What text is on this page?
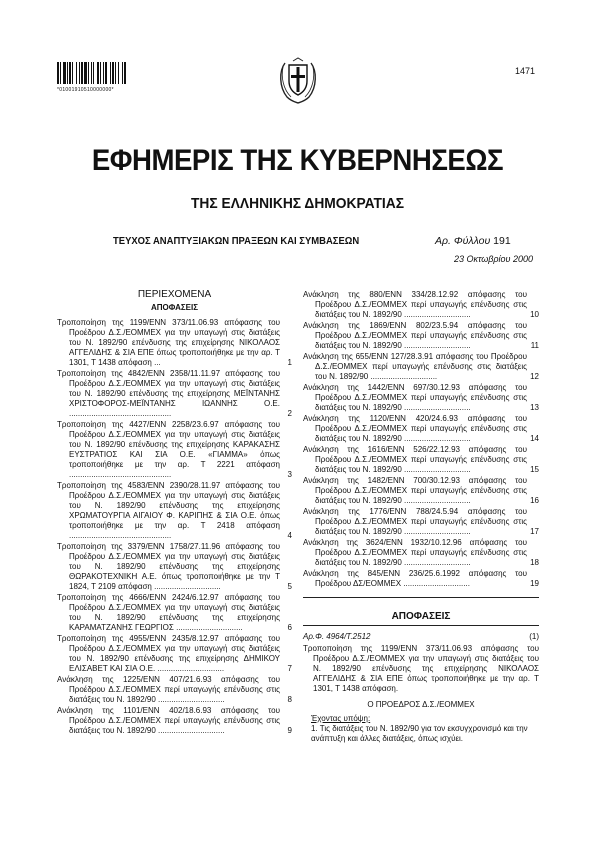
*01001910510000000*
1471
ΕΦΗΜΕΡΙΣ ΤΗΣ ΚΥΒΕΡΝΗΣΕΩΣ
ΤΗΣ ΕΛΛΗΝΙΚΗΣ ΔΗΜΟΚΡΑΤΙΑΣ
ΤΕΥΧΟΣ ΑΝΑΠΤΥΞΙΑΚΩΝ ΠΡΑΞΕΩΝ ΚΑΙ ΣΥΜΒΑΣΕΩΝ	Αρ. Φύλλου 191
23 Οκτωβρίου 2000
ΠΕΡΙΕΧΟΜΕΝΑ
ΑΠΟΦΑΣΕΙΣ
Τροποποίηση της 1199/ΕΝΝ 373/11.06.93 απόφασης του Προέδρου Δ.Σ./ΕΟΜΜΕΧ για την υπαγωγή στις διατάξεις του Ν. 1892/90 επένδυσης της επιχείρησης ΝΙΚΟΛΑΟΣ ΑΓΓΕΛΙΔΗΣ & ΣΙΑ ΕΠΕ όπως τροποποιήθηκε με την αρ. Τ 1301, Τ 1438 απόφαση ...	1
Τροποποίηση της 4842/ΕΝΝ 2358/11.11.97 απόφασης του Προέδρου Δ.Σ./ΕΟΜΜΕΧ για την υπαγωγή στις διατάξεις του Ν. 1892/90 επένδυσης της επιχείρησης ΜΕΪΝΤΑΝΗΣ ΧΡΙΣΤΟΦΟΡΟΣ-ΜΕΪΝΤΑΝΗΣ ΙΩΑΝΝΗΣ Ο.Ε. ..............................................	2
Τροποποίηση της 4427/ΕΝΝ 2258/23.6.97 απόφασης του Προέδρου Δ.Σ./ΕΟΜΜΕΧ για την υπαγωγή στις διατάξεις του Ν. 1892/90 επένδυσης της επιχείρησης ΚΑΡΑΚΑΣΗΣ ΕΥΣΤΡΑΤΙΟΣ ΚΑΙ ΣΙΑ Ο.Ε. «ΓΙΑΜΜΑ» όπως τροποποιήθηκε με την αρ. Τ 2221 απόφαση ..............................................	3
Τροποποίηση της 4583/ΕΝΝ 2390/28.11.97 απόφασης του Προέδρου Δ.Σ./ΕΟΜΜΕΧ για την υπαγωγή στις διατάξεις του Ν. 1892/90 επένδυσης της επιχείρησης ΧΡΩΜΑΤΟΥΡΓΙΑ ΑΙΓΑΙΟΥ Φ. ΚΑΡΙΠΗΣ & ΣΙΑ Ο.Ε. όπως τροποποιήθηκε με την αρ. Τ 2418 απόφαση ..............................................	4
Τροποποίηση της 3379/ΕΝΝ 1758/27.11.96 απόφασης του Προέδρου Δ.Σ./ΕΟΜΜΕΧ για την υπαγωγή στις διατάξεις του Ν. 1892/90 επένδυσης της επιχείρησης ΘΩΡΑΚΟΤΕΧΝΙΚΗ Α.Ε. όπως τροποποιήθηκε με την Τ 1824, Τ 2109 απόφαση ..............................	5
Τροποποίηση της 4666/ΕΝΝ 2424/6.12.97 απόφασης του Προέδρου Δ.Σ./ΕΟΜΜΕΧ για την υπαγωγή στις διατάξεις του Ν. 1892/90 επένδυσης της επιχείρησης ΚΑΡΑΜΑΤΖΑΝΗΣ ΓΕΩΡΓΙΟΣ ..............................	6
Τροποποίηση της 4955/ΕΝΝ 2435/8.12.97 απόφασης του Προέδρου Δ.Σ./ΕΟΜΜΕΧ για την υπαγωγή στις διατάξεις του Ν. 1892/90 επένδυσης της επιχείρησης ΔΗΜΙΚΟΥ ΕΛΙΣΑΒΕΤ ΚΑΙ ΣΙΑ Ο.Ε. ..............................	7
Ανάκληση της 1225/ΕΝΝ 407/21.6.93 απόφασης του Προέδρου Δ.Σ./ΕΟΜΜΕΧ περί υπαγωγής επένδυσης στις διατάξεις του Ν. 1892/90 ..............................	8
Ανάκληση της 1101/ΕΝΝ 402/18.6.93 απόφασης του Προέδρου Δ.Σ./ΕΟΜΜΕΧ περί υπαγωγής επένδυσης στις διατάξεις του Ν. 1892/90 ..............................	9
Ανάκληση της 880/ΕΝΝ 334/28.12.92 απόφασης του Προέδρου Δ.Σ./ΕΟΜΜΕΧ περί υπαγωγής επένδυσης στις διατάξεις του Ν. 1892/90 ..............................	10
Ανάκληση της 1869/ΕΝΝ 802/23.5.94 απόφασης του Προέδρου Δ.Σ./ΕΟΜΜΕΧ περί υπαγωγής επένδυσης στις διατάξεις του Ν. 1892/90 ..............................	11
Ανάκληση της 655/ΕΝΝ 127/28.3.91 απόφασης του Προέδρου Δ.Σ./ΕΟΜΜΕΧ περί υπαγωγής επένδυσης στις διατάξεις του Ν. 1892/90 ..............................	12
Ανάκληση της 1442/ΕΝΝ 697/30.12.93 απόφασης του Προέδρου Δ.Σ./ΕΟΜΜΕΧ περί υπαγωγής επένδυσης στις διατάξεις του Ν. 1892/90 ..............................	13
Ανάκληση της 1120/ΕΝΝ 420/24.6.93 απόφασης του Προέδρου Δ.Σ./ΕΟΜΜΕΧ περί υπαγωγής επένδυσης στις διατάξεις του Ν. 1892/90 ..............................	14
Ανάκληση της 1616/ΕΝΝ 526/22.12.93 απόφασης του Προέδρου Δ.Σ./ΕΟΜΜΕΧ περί υπαγωγής επένδυσης στις διατάξεις του Ν. 1892/90 ..............................	15
Ανάκληση της 1482/ΕΝΝ 700/30.12.93 απόφασης του Προέδρου Δ.Σ./ΕΟΜΜΕΧ περί υπαγωγής επένδυσης στις διατάξεις του Ν. 1892/90 ..............................	16
Ανάκληση της 1776/ΕΝΝ 788/24.5.94 απόφασης του Προέδρου Δ.Σ./ΕΟΜΜΕΧ περί υπαγωγής επένδυσης στις διατάξεις του Ν. 1892/90 ..............................	17
Ανάκληση της 3624/ΕΝΝ 1932/10.12.96 απόφασης του Προέδρου Δ.Σ./ΕΟΜΜΕΧ περί υπαγωγής επένδυσης στις διατάξεις του Ν. 1892/90 ..............................	18
Ανάκληση της 845/ΕΝΝ 236/25.6.1992 απόφασης του Προέδρου ΔΣ/ΕΟΜΜΕΧ ..............................	19
ΑΠΟΦΑΣΕΙΣ
Αρ.Φ. 4964/Τ.2512	(1)
Τροποποίηση της 1199/ΕΝΝ 373/11.06.93 απόφασης του Προέδρου Δ.Σ./ΕΟΜΜΕΧ για την υπαγωγή στις διατάξεις του Ν. 1892/90 επένδυσης της επιχείρησης ΝΙΚΟΛΑΟΣ ΑΓΓΕΛΙΔΗΣ & ΣΙΑ ΕΠΕ όπως τροποποιήθηκε με την αρ. Τ 1301, Τ 1438 απόφαση.
Ο ΠΡΟΕΔΡΟΣ Δ.Σ./ΕΟΜΜΕΧ
Έχοντας υπόψη:
1. Τις διατάξεις του Ν. 1892/90 για τον εκσυγχρονισμό και την ανάπτυξη και άλλες διατάξεις, όπως ισχύει.
